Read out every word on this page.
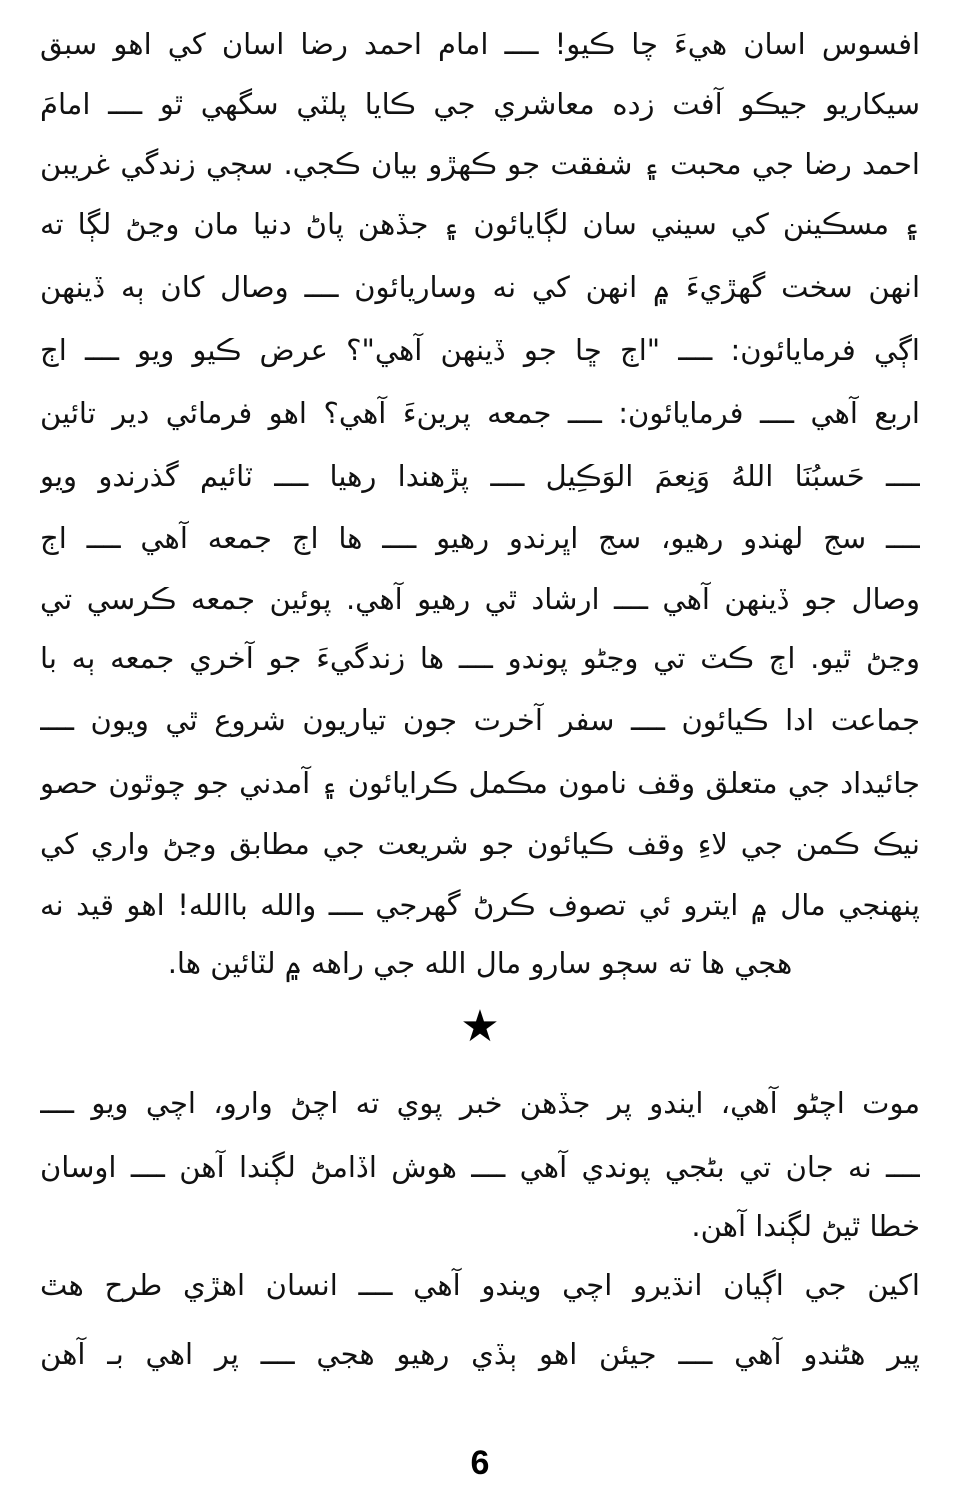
افسوس اسان هيءَ چا ڪيو! ــــ امام احمد رضا اسان کي اهو سبق
سيکاريو جيڪو آفت زده معاشري جي ڪايا پلٽي سگهي ٿو ــــ امامَ
احمد رضا جي محبت ۽ شفقت جو ڪهڙو بيان ڪجي. سڄي زندگي غريبن
۽ مسڪينن کي سيني سان لڳايائون ۽ جڏهن پاڻ دنيا مان وڃڻ لڳا ته
انهن سخت گهڙيءَ ۾ انهن کي نه وساريائون ــــ وصال کان ٻه ڏينهن
اڳي فرمايائون: ــــ "اڄ ڇا جو ڏينهن آهي"؟ عرض ڪيو ويو ــــ اڄ
اربع آهي ــــ فرمايائون: ــــ جمعه پرينءَ آهي؟ اهو فرمائي دير تائين
ــــ حَسبُنَا اللهُ وَنِعمَ الوَڪِيل ــــ پڙهندا رهيا ــــ ٽائيم گذرندو ويو
ــــ سج لهندو رهيو، سج اڀرندو رهيو ــــ ها اڄ جمعه آهي ــــ اڄ
وصال جو ڏينهن آهي ــــ ارشاد ٿي رهيو آهي. پوئين جمعه ڪرسي تي
وڃڻ ٿيو. اڄ ڪٽ تي وڃڻو پوندو ــــ ها زندگيءَ جو آخري جمعه ٻه با
جماعت ادا ڪيائون ــــ سفر آخرت جون تياريون شروع ٿي ويون ــــ
جائيداد جي متعلق وقف نامون مڪمل ڪرايائون ۽ آمدني جو چوٿون حصو
نيڪ ڪمن جي لاءِ وقف ڪيائون جو شريعت جي مطابق وڃڻ واري کي
پنهنجي مال ۾ ايترو ئي تصوف ڪرڻ گهرجي ــــ والله باالله! اهو قيد نه
هجي ها ته سڄو سارو مال الله جي راهه ۾ لٽائين ها.
★
موت اچڻو آهي، ايندو پر جڏهن خبر پوي ته اچڻ وارو، اچي ويو ــــ
ــــ نه جان تي بڻجي پوندي آهي ــــ هوش اڏامڻ لڳندا آهن ــــ اوسان
خطا ٿيڻ لڳندا آهن.
اکين جي اڳيان انڌيرو اچي ويندو آهي ــــ انسان اهڙي طرح هٿ
پير هڻندو آهي ــــ جيئن اهو ٻڏي رهيو هجي ــــ پر اهي بـ آهن
6
